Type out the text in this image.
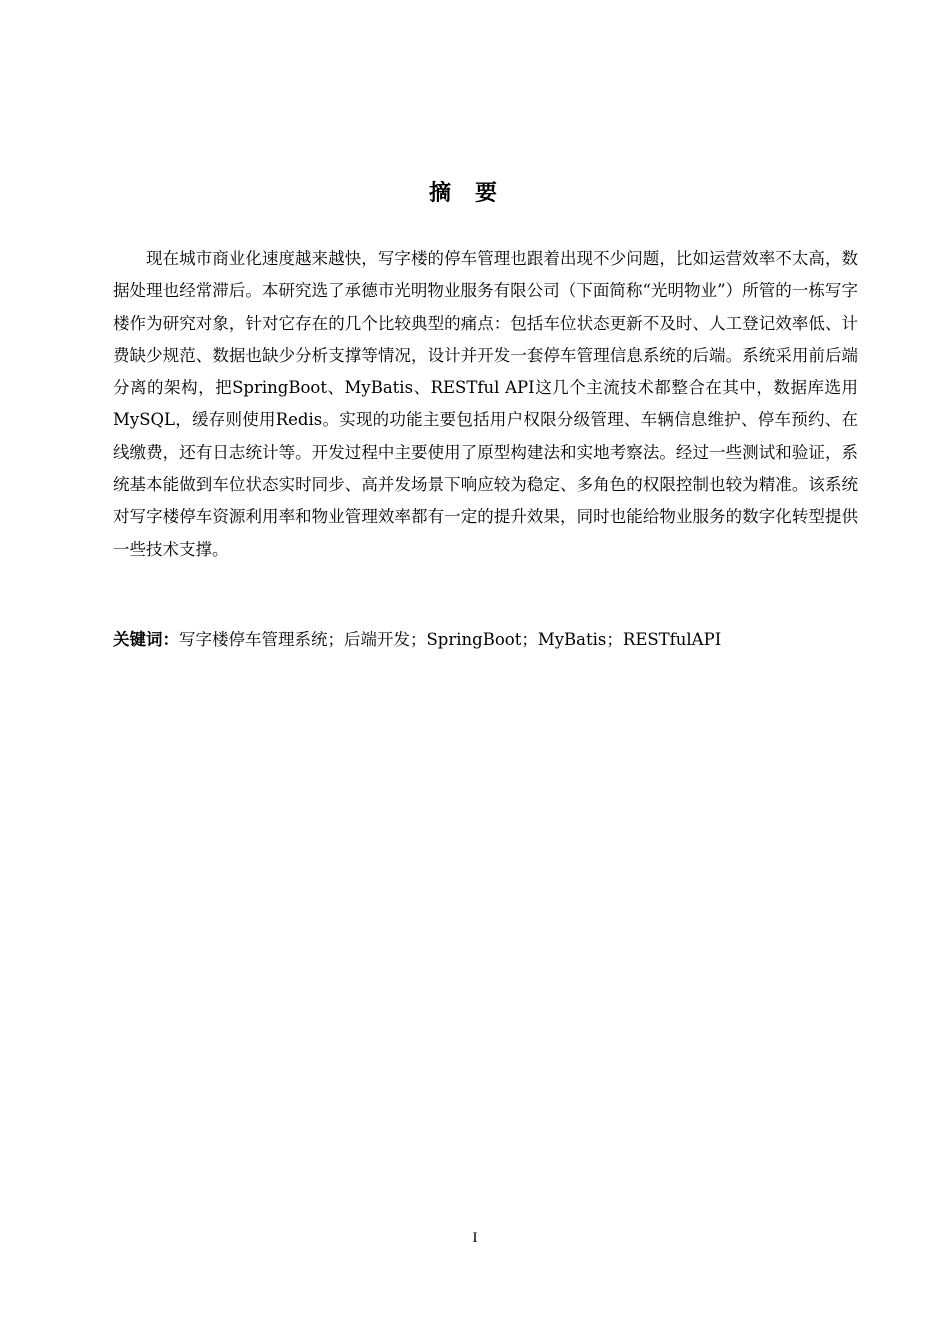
摘要

现在城市商业化速度越来越快，写字楼的停车管理也跟着出现不少问题，比如运营效率不太高，数据处理也经常滞后。本研究选了承德市光明物业服务有限公司（下面简称“光明物业”）所管的一栋写字楼作为研究对象，针对它存在的几个比较典型的痛点：包括车位状态更新不及时、人工登记效率低、计费缺少规范、数据也缺少分析支撑等情况，设计并开发一套停车管理信息系统的后端。系统采用前后端分离的架构，把SpringBoot、MyBatis、RESTful API这几个主流技术都整合在其中，数据库选用MySQL，缓存则使用Redis。实现的功能主要包括用户权限分级管理、车辆信息维护、停车预约、在线缴费，还有日志统计等。开发过程中主要使用了原型构建法和实地考察法。经过一些测试和验证，系统基本能做到车位状态实时同步、高并发场景下响应较为稳定、多角色的权限控制也较为精准。该系统对写字楼停车资源利用率和物业管理效率都有一定的提升效果，同时也能给物业服务的数字化转型提供一些技术支撑。

关键词：写字楼停车管理系统；后端开发；SpringBoot；MyBatis；RESTfulAPI

I
